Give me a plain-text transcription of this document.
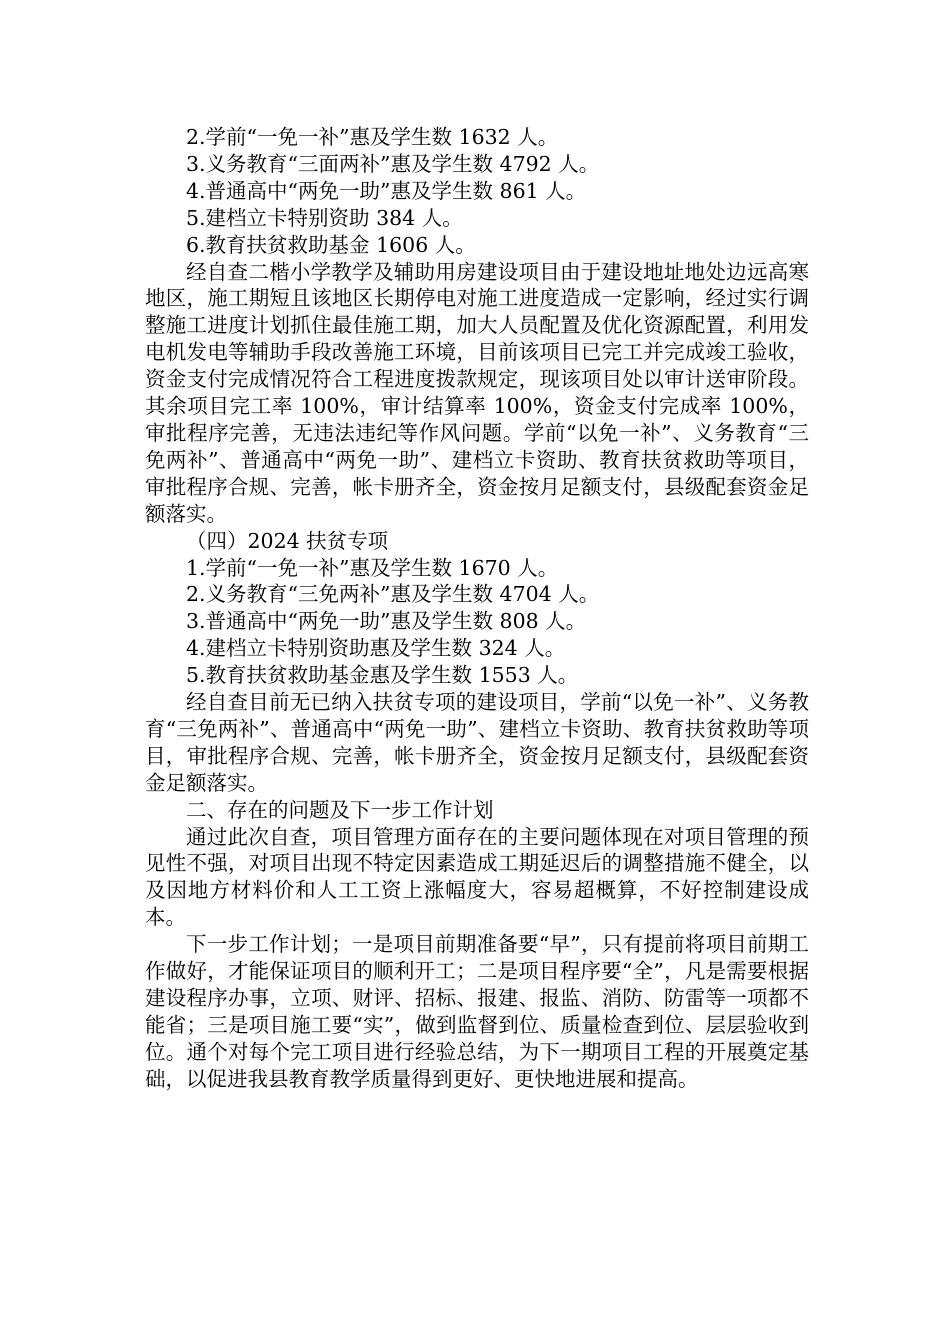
2.学前“一免一补”惠及学生数 1632 人。

3.义务教育“三面两补”惠及学生数 4792 人。

4.普通高中“两免一助”惠及学生数 861 人。

5.建档立卡特别资助 384 人。

6.教育扶贫救助基金 1606 人。

经自查二楷小学教学及辅助用房建设项目由于建设地址地处边远高寒地区，施工期短且该地区长期停电对施工进度造成一定影响，经过实行调整施工进度计划抓住最佳施工期，加大人员配置及优化资源配置，利用发电机发电等辅助手段改善施工环境，目前该项目已完工并完成竣工验收，资金支付完成情况符合工程进度拨款规定，现该项目处以审计送审阶段。其余项目完工率 100%，审计结算率 100%，资金支付完成率 100%，审批程序完善，无违法违纪等作风问题。学前“以免一补”、义务教育“三免两补”、普通高中“两免一助”、建档立卡资助、教育扶贫救助等项目，审批程序合规、完善，帐卡册齐全，资金按月足额支付，县级配套资金足额落实。

（四）2024 扶贫专项

1.学前“一免一补”惠及学生数 1670 人。

2.义务教育“三免两补”惠及学生数 4704 人。

3.普通高中“两免一助”惠及学生数 808 人。

4.建档立卡特别资助惠及学生数 324 人。

5.教育扶贫救助基金惠及学生数 1553 人。

经自查目前无已纳入扶贫专项的建设项目，学前“以免一补”、义务教育“三免两补”、普通高中“两免一助”、建档立卡资助、教育扶贫救助等项目，审批程序合规、完善，帐卡册齐全，资金按月足额支付，县级配套资金足额落实。

二、存在的问题及下一步工作计划

通过此次自查，项目管理方面存在的主要问题体现在对项目管理的预见性不强，对项目出现不特定因素造成工期延迟后的调整措施不健全，以及因地方材料价和人工工资上涨幅度大，容易超概算，不好控制建设成本。

下一步工作计划；一是项目前期准备要“早”，只有提前将项目前期工作做好，才能保证项目的顺利开工；二是项目程序要“全”，凡是需要根据建设程序办事，立项、财评、招标、报建、报监、消防、防雷等一项都不能省；三是项目施工要“实”，做到监督到位、质量检查到位、层层验收到位。通个对每个完工项目进行经验总结，为下一期项目工程的开展奠定基础，以促进我县教育教学质量得到更好、更快地进展和提高。
